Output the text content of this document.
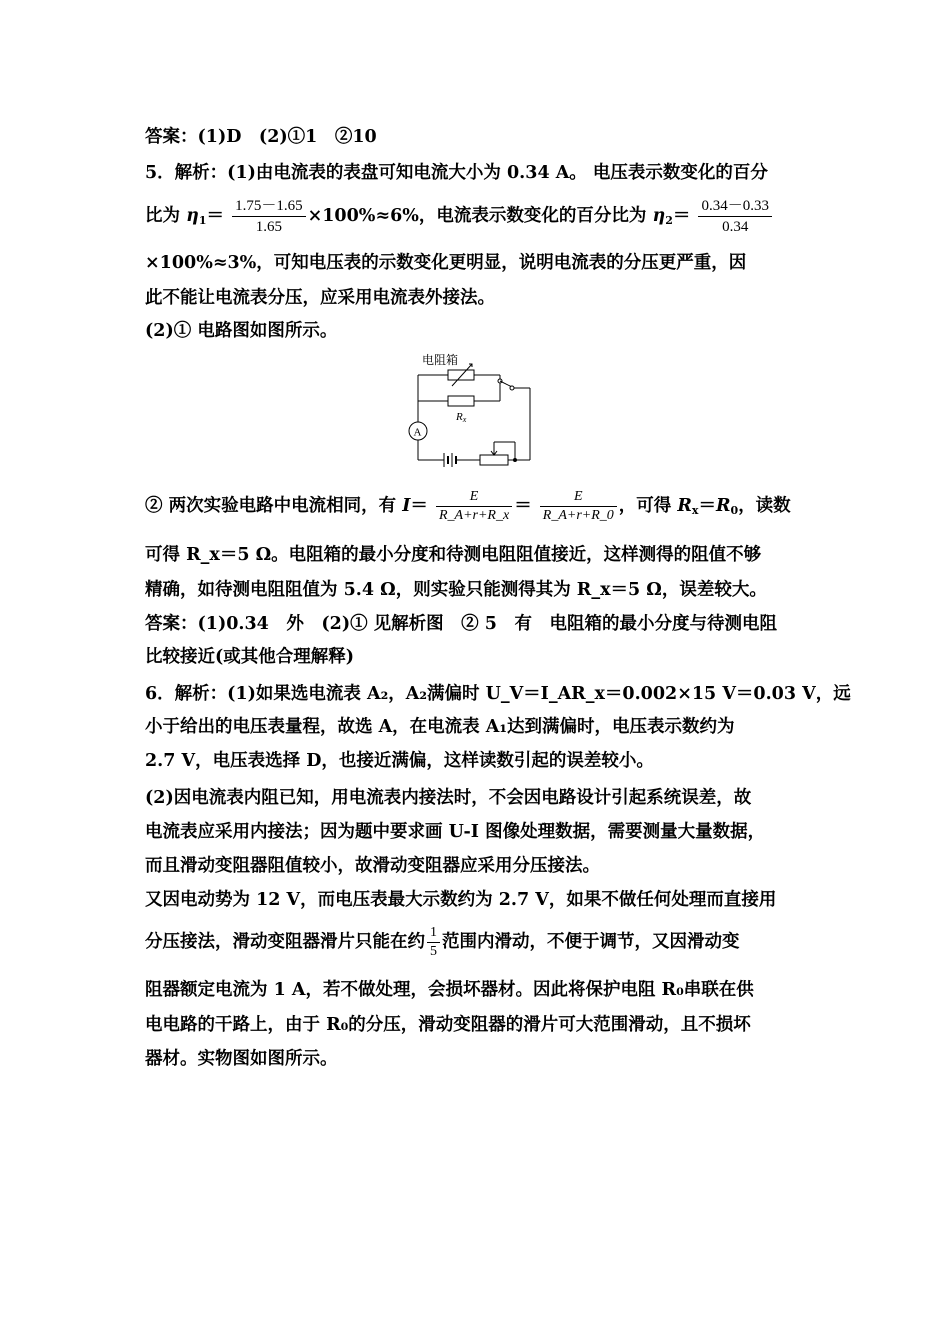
答案：(1)D　(2)①1　②10
5．解析：(1)由电流表的表盘可知电流大小为 0.34 A。 电压表示数变化的百分
比为 $\eta_1= \frac{1.75-1.65}{1.65} \times 100\%\approx 6\%$，电流表示数变化的百分比为 $\eta_2= \frac{0.34-0.33}{0.34}$
×100%≈3%，可知电压表的示数变化更明显，说明电流表的分压更严重，因
此不能让电流表分压，应采用电流表外接法。
(2)① 电路图如图所示。
电阻箱
Rx
A
② 两次实验电路中电流相同，有 $I= \frac{E}{R\_A+r+R\_x} = \frac{E}{R\_A+r+R\_0}$ ，可得 $R_x=R_0$，读数
可得 R_x＝5 Ω。电阻箱的最小分度和待测电阻阻值接近，这样测得的阻值不够
精确，如待测电阻阻值为 5.4 Ω，则实验只能测得其为 R_x＝5 Ω，误差较大。
答案：(1)0.34　外　(2)① 见解析图　② 5　有　电阻箱的最小分度与待测电阻
比较接近(或其他合理解释)
6．解析：(1)如果选电流表 A₂，A₂满偏时 U_V＝I_AR_x＝0.002×15 V＝0.03 V，远
小于给出的电压表量程，故选 A，在电流表 A₁达到满偏时，电压表示数约为
2.7 V，电压表选择 D，也接近满偏，这样读数引起的误差较小。
(2)因电流表内阻已知，用电流表内接法时，不会因电路设计引起系统误差，故
电流表应采用内接法；因为题中要求画 U-I 图像处理数据，需要测量大量数据，
而且滑动变阻器阻值较小，故滑动变阻器应采用分压接法。
又因电动势为 12 V，而电压表最大示数约为 2.7 V，如果不做任何处理而直接用
分压接法，滑动变阻器滑片只能在约 $\frac{1}{5}$ 范围内滑动，不便于调节，又因滑动变
阻器额定电流为 1 A，若不做处理，会损坏器材。因此将保护电阻 R₀串联在供
电电路的干路上，由于 R₀的分压，滑动变阻器的滑片可大范围滑动，且不损坏
器材。实物图如图所示。
